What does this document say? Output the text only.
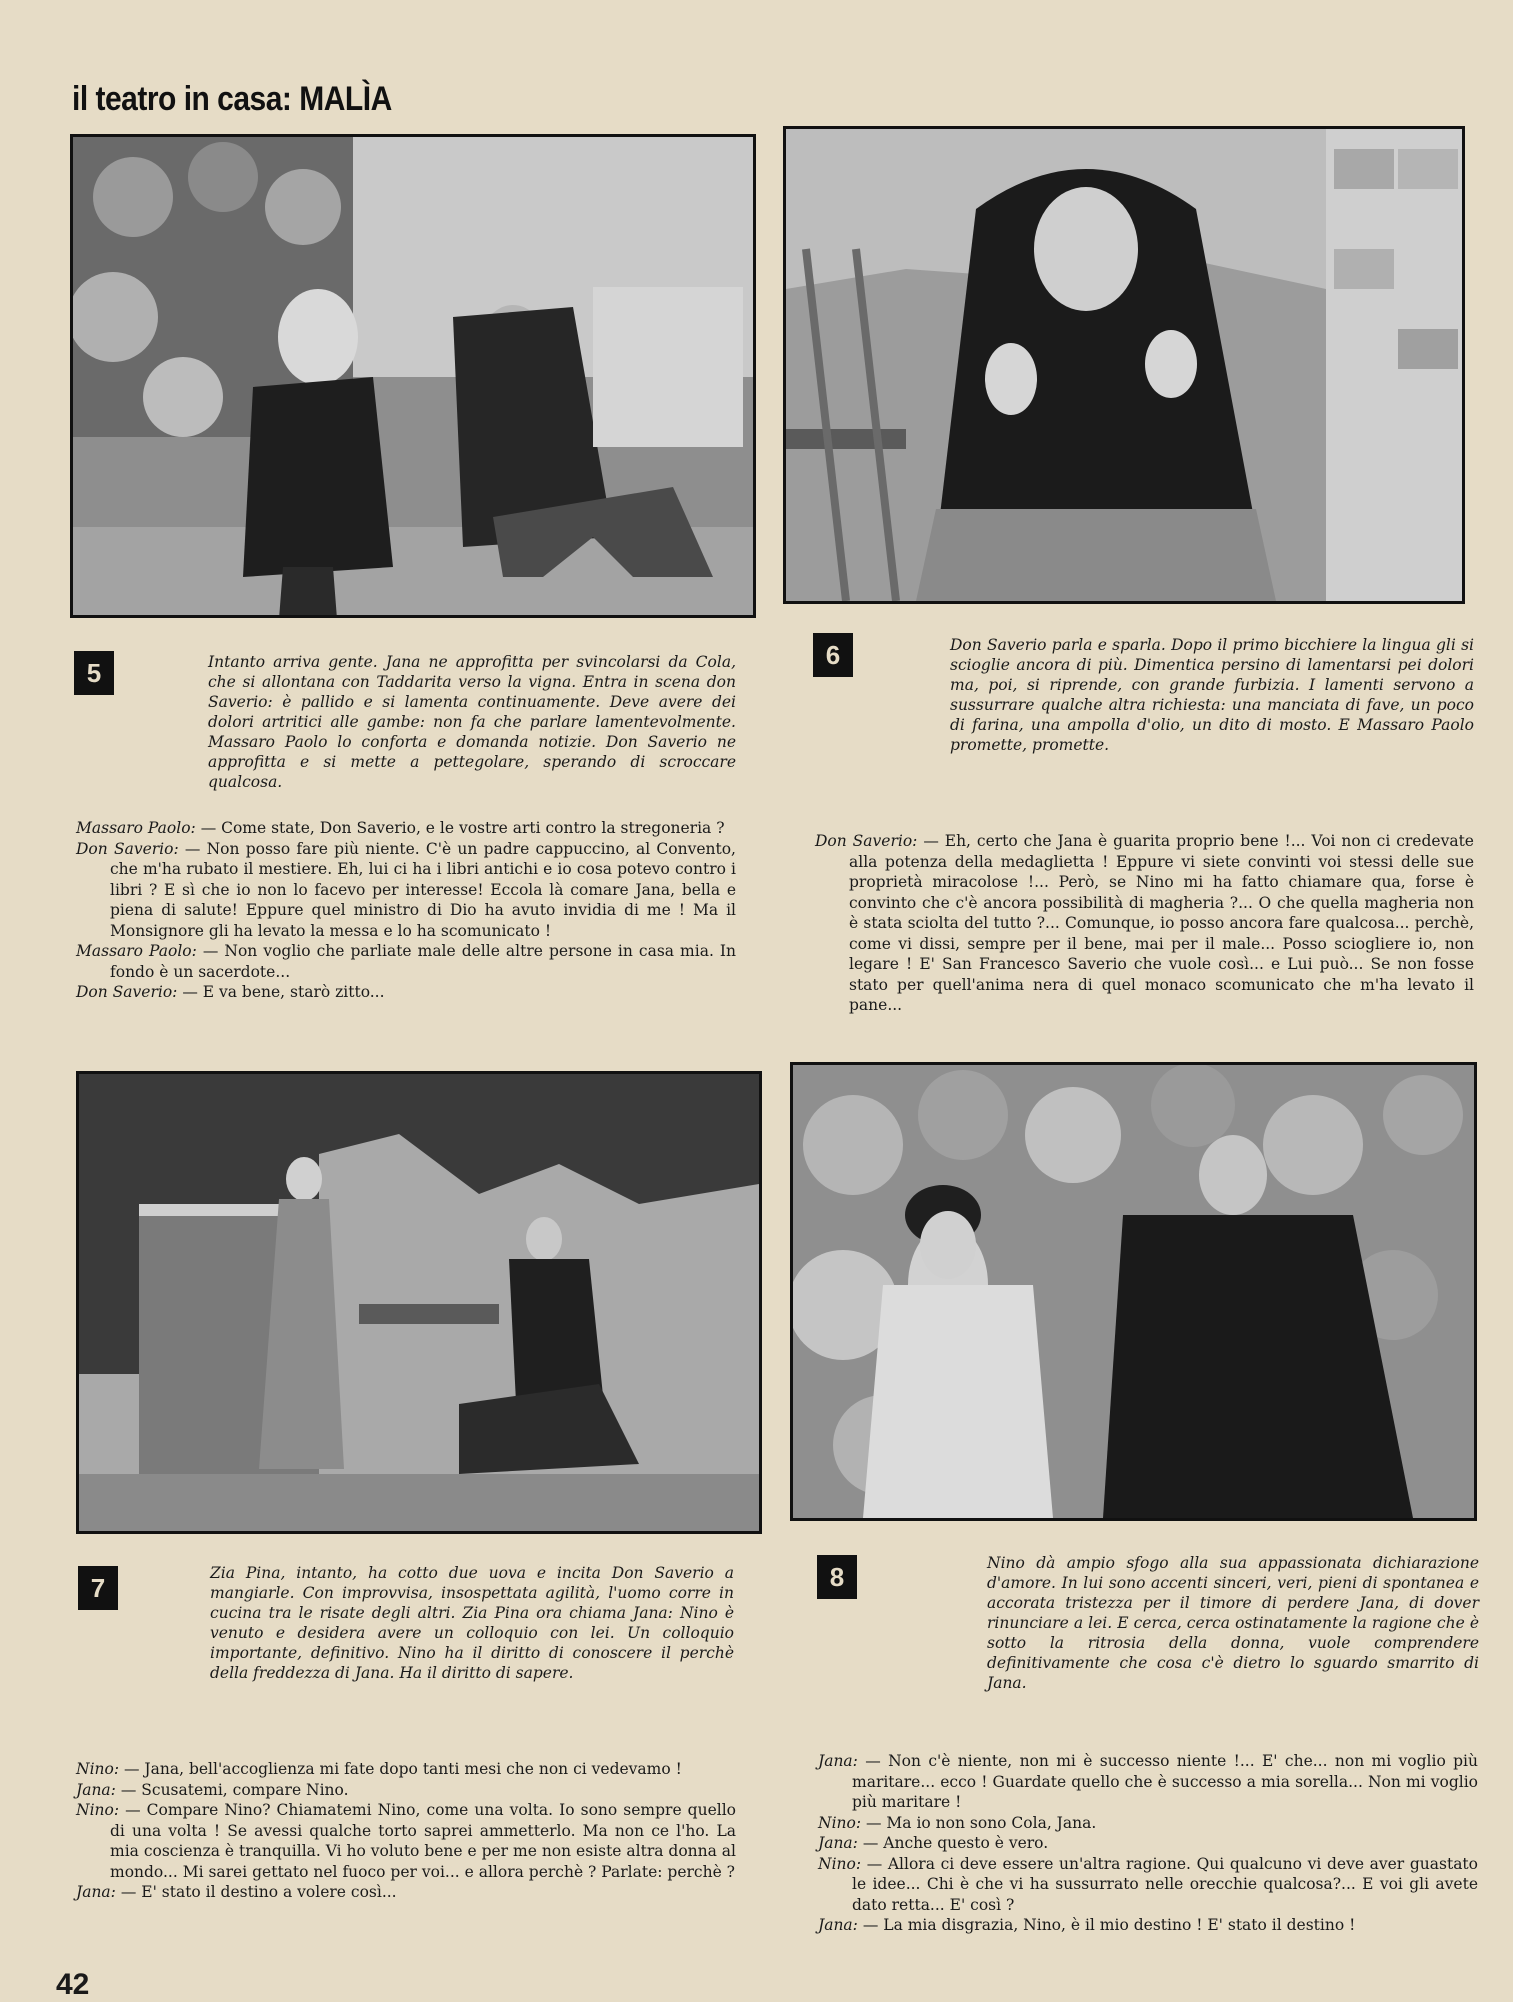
il teatro in casa: MALÌA
5	Intanto arriva gente. Jana ne approfitta per svincolarsi da Cola, che si allontana con Taddarita verso la vigna. Entra in scena don Saverio: è pallido e si lamenta continuamente. Deve avere dei dolori artritici alle gambe: non fa che parlare lamentevolmente. Massaro Paolo lo conforta e domanda notizie. Don Saverio ne approfitta e si mette a pettegolare, sperando di scroccare qualcosa.

Massaro Paolo: — Come state, Don Saverio, e le vostre arti contro la stregoneria ?

Don Saverio: — Non posso fare più niente. C'è un padre cappuccino, al Convento, che m'ha rubato il mestiere. Eh, lui ci ha i libri antichi e io cosa potevo contro i libri ? E sì che io non lo facevo per interesse! Eccola là comare Jana, bella e piena di salute! Eppure quel ministro di Dio ha avuto invidia di me ! Ma il Monsignore gli ha levato la messa e lo ha scomunicato !

Massaro Paolo: — Non voglio che parliate male delle altre persone in casa mia. In fondo è un sacerdote...

Don Saverio: — E va bene, starò zitto...

6	Don Saverio parla e sparla. Dopo il primo bicchiere la lingua gli si scioglie ancora di più. Dimentica persino di lamentarsi pei dolori ma, poi, si riprende, con grande furbizia. I lamenti servono a sussurrare qualche altra richiesta: una manciata di fave, un poco di farina, una ampolla d'olio, un dito di mosto. E Massaro Paolo promette, promette.

Don Saverio: — Eh, certo che Jana è guarita proprio bene !... Voi non ci credevate alla potenza della medaglietta ! Eppure vi siete convinti voi stessi delle sue proprietà miracolose !... Però, se Nino mi ha fatto chiamare qua, forse è convinto che c'è ancora possibilità di magheria ?... O che quella magheria non è stata sciolta del tutto ?... Comunque, io posso ancora fare qualcosa... perchè, come vi dissi, sempre per il bene, mai per il male... Posso sciogliere io, non legare ! E' San Francesco Saverio che vuole così... e Lui può... Se non fosse stato per quell'anima nera di quel monaco scomunicato che m'ha levato il pane...

7	Zia Pina, intanto, ha cotto due uova e incita Don Saverio a mangiarle. Con improvvisa, insospettata agilità, l'uomo corre in cucina tra le risate degli altri. Zia Pina ora chiama Jana: Nino è venuto e desidera avere un colloquio con lei. Un colloquio importante, definitivo. Nino ha il diritto di conoscere il perchè della freddezza di Jana. Ha il diritto di sapere.

Nino: — Jana, bell'accoglienza mi fate dopo tanti mesi che non ci vedevamo !

Jana: — Scusatemi, compare Nino.

Nino: — Compare Nino? Chiamatemi Nino, come una volta. Io sono sempre quello di una volta ! Se avessi qualche torto saprei ammetterlo. Ma non ce l'ho. La mia coscienza è tranquilla. Vi ho voluto bene e per me non esiste altra donna al mondo... Mi sarei gettato nel fuoco per voi... e allora perchè ? Parlate: perchè ?

Jana: — E' stato il destino a volere così...

8	Nino dà ampio sfogo alla sua appassionata dichiarazione d'amore. In lui sono accenti sinceri, veri, pieni di spontanea e accorata tristezza per il timore di perdere Jana, di dover rinunciare a lei. E cerca, cerca ostinatamente la ragione che è sotto la ritrosia della donna, vuole comprendere definitivamente che cosa c'è dietro lo sguardo smarrito di Jana.

Jana: — Non c'è niente, non mi è successo niente !... E' che... non mi voglio più maritare... ecco ! Guardate quello che è successo a mia sorella... Non mi voglio più maritare !

Nino: — Ma io non sono Cola, Jana.

Jana: — Anche questo è vero.

Nino: — Allora ci deve essere un'altra ragione. Qui qualcuno vi deve aver guastato le idee... Chi è che vi ha sussurrato nelle orecchie qualcosa?... E voi gli avete dato retta... E' così ?

Jana: — La mia disgrazia, Nino, è il mio destino ! E' stato il destino !

42
